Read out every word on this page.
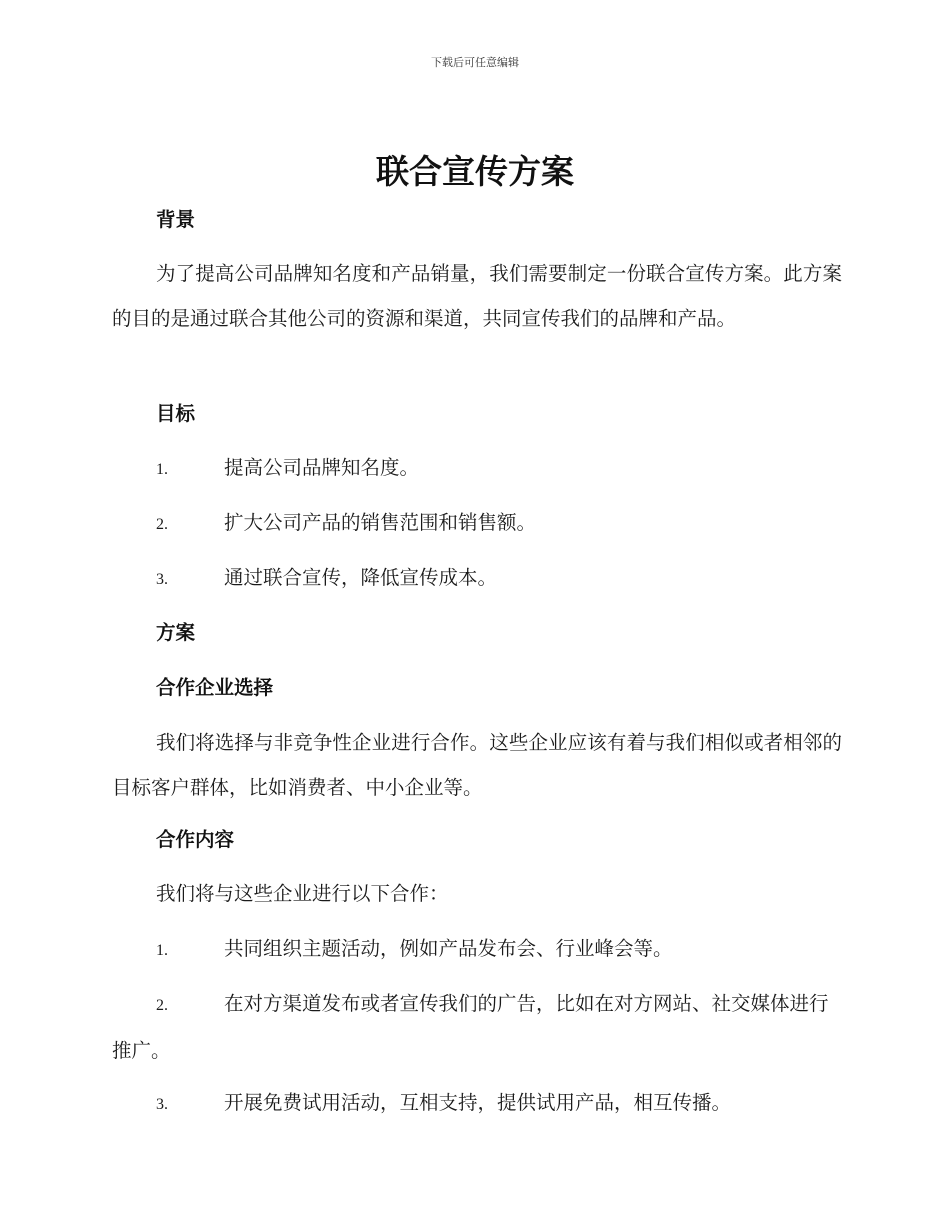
下载后可任意编辑
联合宣传方案
背景
为了提高公司品牌知名度和产品销量，我们需要制定一份联合宣传方案。此方案的目的是通过联合其他公司的资源和渠道，共同宣传我们的品牌和产品。
目标
1.	提高公司品牌知名度。
2.	扩大公司产品的销售范围和销售额。
3.	通过联合宣传，降低宣传成本。
方案
合作企业选择
我们将选择与非竞争性企业进行合作。这些企业应该有着与我们相似或者相邻的目标客户群体，比如消费者、中小企业等。
合作内容
我们将与这些企业进行以下合作：
1.	共同组织主题活动，例如产品发布会、行业峰会等。
2.	在对方渠道发布或者宣传我们的广告，比如在对方网站、社交媒体进行推广。
3.	开展免费试用活动，互相支持，提供试用产品，相互传播。
